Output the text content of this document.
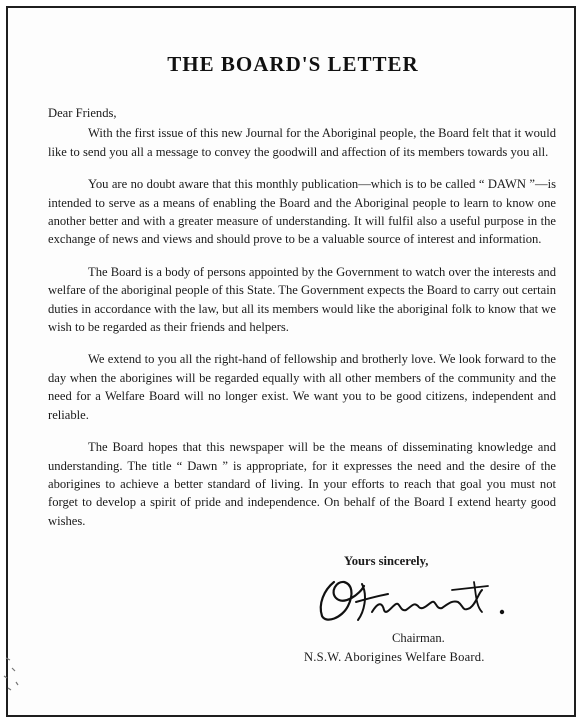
THE BOARD'S LETTER

Dear Friends,

With the first issue of this new Journal for the Aboriginal people, the Board felt that it would like to send you all a message to convey the goodwill and affection of its members towards you all.

You are no doubt aware that this monthly publication—which is to be called “ DAWN ”—is intended to serve as a means of enabling the Board and the Aboriginal people to learn to know one another better and with a greater measure of understanding. It will fulfil also a useful purpose in the exchange of news and views and should prove to be a valuable source of interest and information.

The Board is a body of persons appointed by the Government to watch over the interests and welfare of the aboriginal people of this State. The Government expects the Board to carry out certain duties in accordance with the law, but all its members would like the aboriginal folk to know that we wish to be regarded as their friends and helpers.

We extend to you all the right-hand of fellowship and brotherly love. We look forward to the day when the aborigines will be regarded equally with all other members of the community and the need for a Welfare Board will no longer exist. We want you to be good citizens, independent and reliable.

The Board hopes that this newspaper will be the means of disseminating knowledge and understanding. The title “ Dawn ” is appropriate, for it expresses the need and the desire of the aborigines to achieve a better standard of living. In your efforts to reach that goal you must not forget to develop a spirit of pride and independence. On behalf of the Board I extend hearty good wishes.

Yours sincerely,
Chairman.
N.S.W. Aborigines Welfare Board.
